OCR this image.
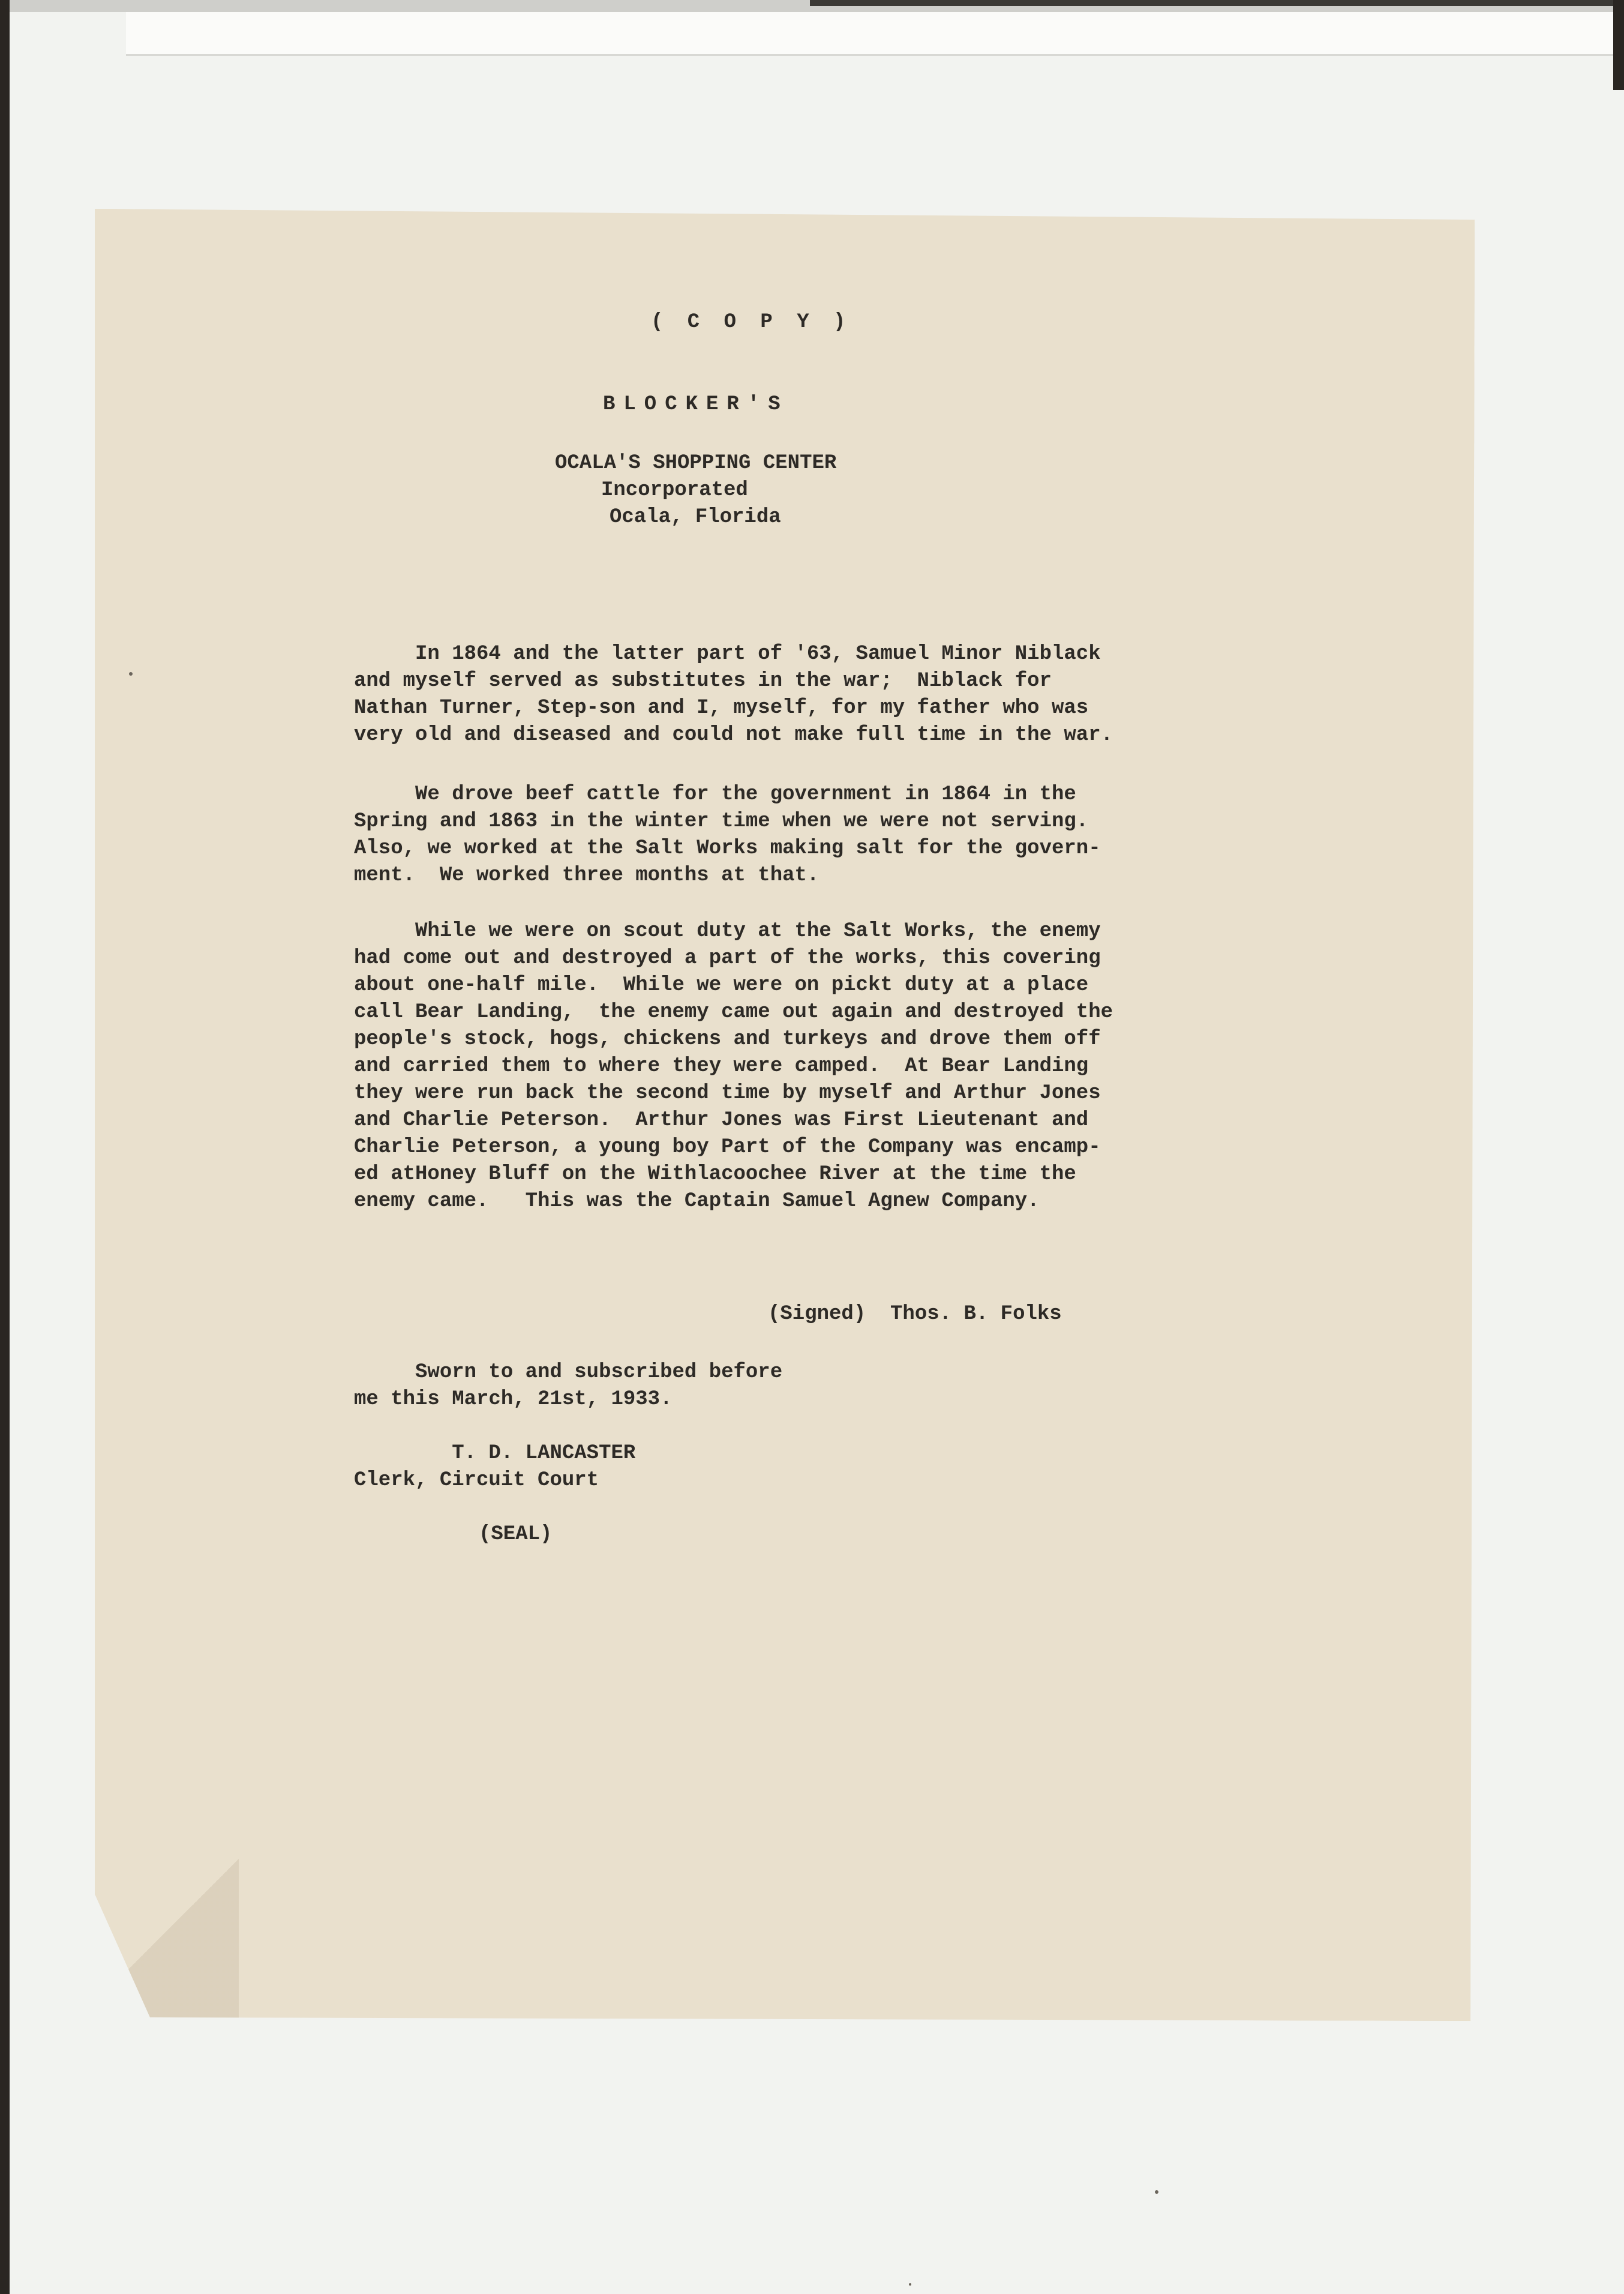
( C O P Y )
BLOCKER'S
OCALA'S SHOPPING CENTER
Incorporated
Ocala, Florida
In 1864 and the latter part of '63, Samuel Minor Niblack
and myself served as substitutes in the war;  Niblack for
Nathan Turner, Step-son and I, myself, for my father who was
very old and diseased and could not make full time in the war.
We drove beef cattle for the government in 1864 in the
Spring and 1863 in the winter time when we were not serving.
Also, we worked at the Salt Works making salt for the govern-
ment.  We worked three months at that.
While we were on scout duty at the Salt Works, the enemy
had come out and destroyed a part of the works, this covering
about one-half mile.  While we were on pickt duty at a place
call Bear Landing,  the enemy came out again and destroyed the
people's stock, hogs, chickens and turkeys and drove them off
and carried them to where they were camped.  At Bear Landing
they were run back the second time by myself and Arthur Jones
and Charlie Peterson.  Arthur Jones was First Lieutenant and
Charlie Peterson, a young boy Part of the Company was encamp-
ed atHoney Bluff on the Withlacoochee River at the time the
enemy came.   This was the Captain Samuel Agnew Company.
(Signed)  Thos. B. Folks
Sworn to and subscribed before
me this March, 21st, 1933.
T. D. LANCASTER
Clerk, Circuit Court
(SEAL)
